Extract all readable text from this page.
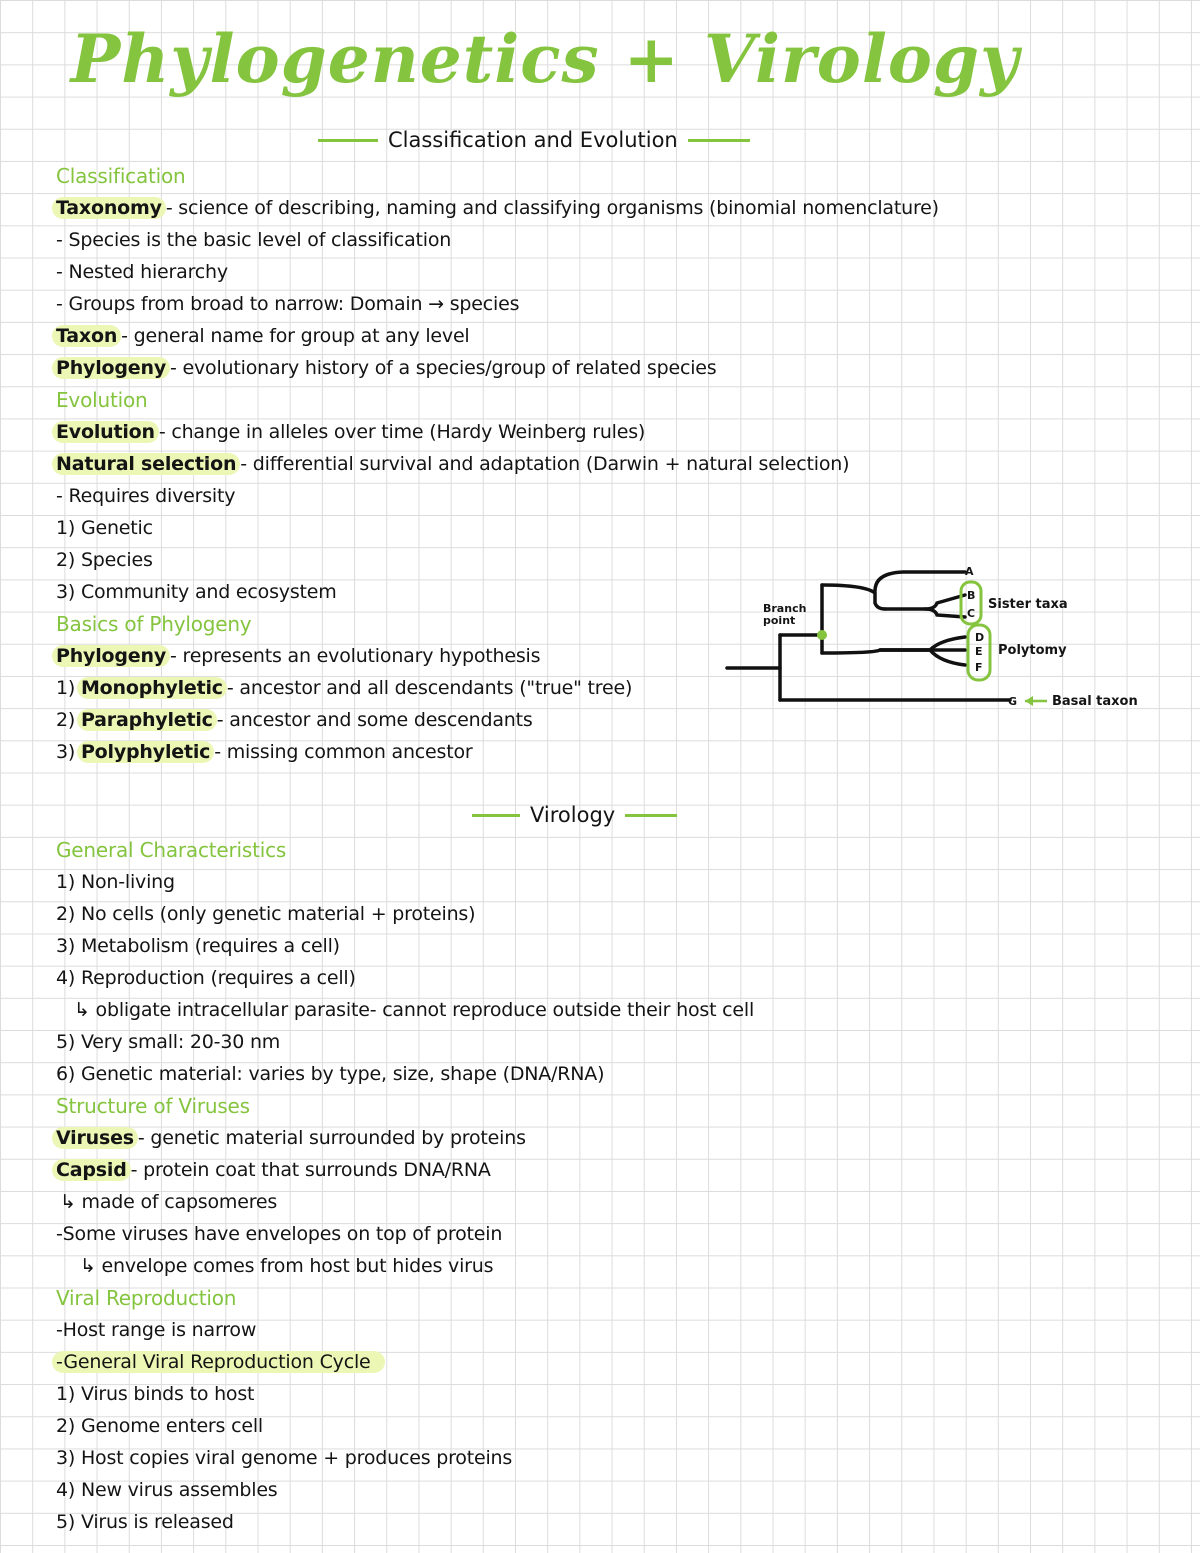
Phylogenetics + Virology
Classification and Evolution
Classification
Taxonomy - science of describing, naming and classifying organisms (binomial nomenclature)
- Species is the basic level of classification
- Nested hierarchy
- Groups from broad to narrow: Domain → species
Taxon - general name for group at any level
Phylogeny - evolutionary history of a species/group of related species
Evolution
Evolution - change in alleles over time (Hardy Weinberg rules)
Natural selection - differential survival and adaptation (Darwin + natural selection)
- Requires diversity
1) Genetic
2) Species
3) Community and ecosystem
Basics of Phylogeny
Phylogeny - represents an evolutionary hypothesis
1) Monophyletic - ancestor and all descendants ("true" tree)
2) Paraphyletic - ancestor and some descendants
3) Polyphyletic - missing common ancestor
Branch
point
A
B
C
D
E
F
G
Sister taxa
Polytomy
Basal taxon
Virology
General Characteristics
1) Non-living
2) No cells (only genetic material + proteins)
3) Metabolism (requires a cell)
4) Reproduction (requires a cell)
↳ obligate intracellular parasite- cannot reproduce outside their host cell
5) Very small: 20-30 nm
6) Genetic material: varies by type, size, shape (DNA/RNA)
Structure of Viruses
Viruses - genetic material surrounded by proteins
Capsid - protein coat that surrounds DNA/RNA
↳ made of capsomeres
-Some viruses have envelopes on top of protein
↳ envelope comes from host but hides virus
Viral Reproduction
-Host range is narrow
-General Viral Reproduction Cycle
1) Virus binds to host
2) Genome enters cell
3) Host copies viral genome + produces proteins
4) New virus assembles
5) Virus is released
